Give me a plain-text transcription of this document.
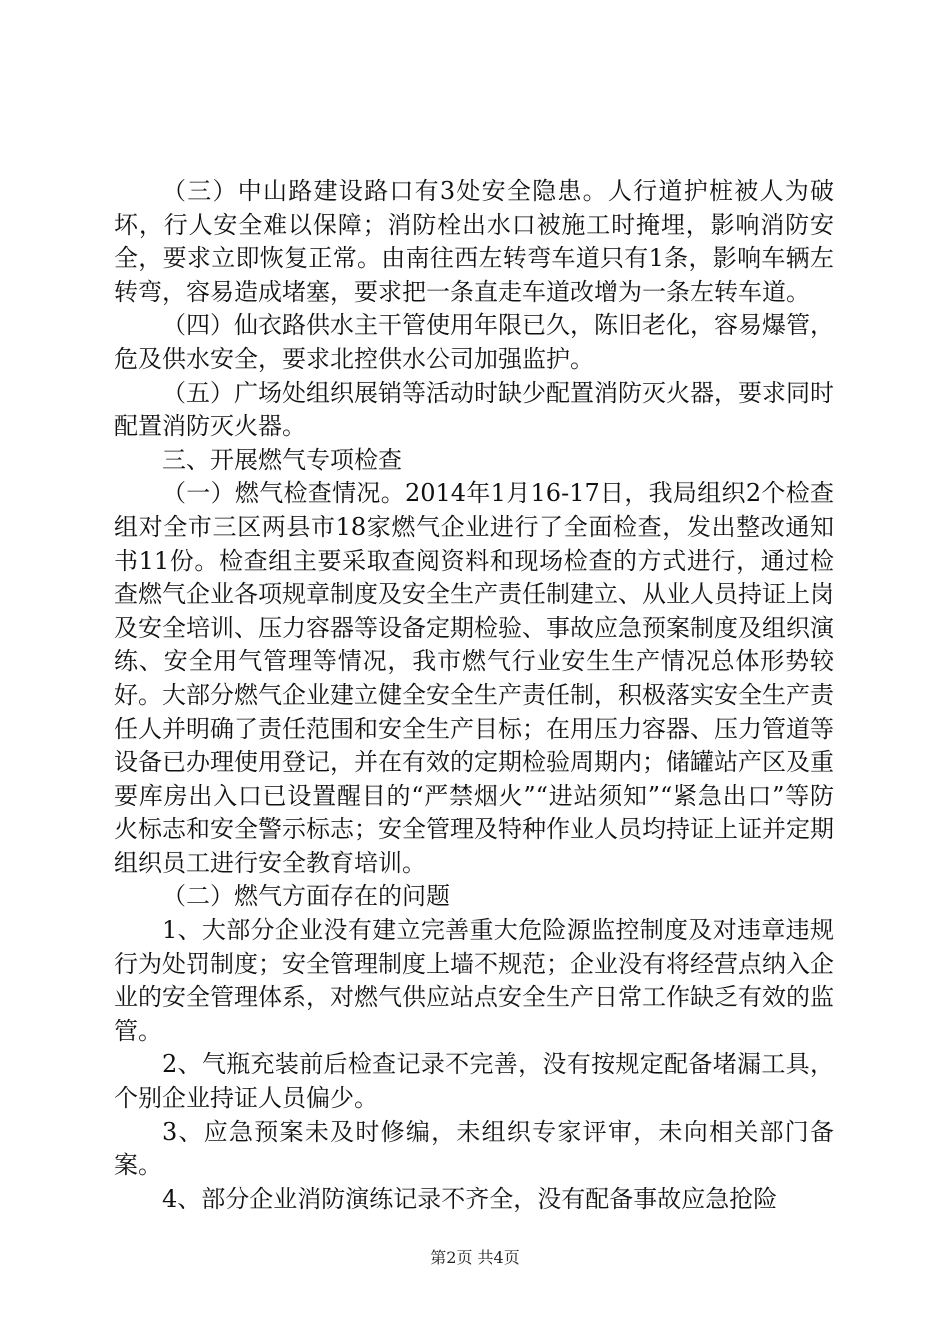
（三）中山路建设路口有3处安全隐患。人行道护桩被人为破坏，行人安全难以保障；消防栓出水口被施工时掩埋，影响消防安全，要求立即恢复正常。由南往西左转弯车道只有1条，影响车辆左转弯，容易造成堵塞，要求把一条直走车道改增为一条左转车道。

（四）仙衣路供水主干管使用年限已久，陈旧老化，容易爆管，危及供水安全，要求北控供水公司加强监护。

（五）广场处组织展销等活动时缺少配置消防灭火器，要求同时配置消防灭火器。

三、开展燃气专项检查

（一）燃气检查情况。2014年1月16-17日，我局组织2个检查组对全市三区两县市18家燃气企业进行了全面检查，发出整改通知书11份。检查组主要采取查阅资料和现场检查的方式进行，通过检查燃气企业各项规章制度及安全生产责任制建立、从业人员持证上岗及安全培训、压力容器等设备定期检验、事故应急预案制度及组织演练、安全用气管理等情况，我市燃气行业安生生产情况总体形势较好。大部分燃气企业建立健全安全生产责任制，积极落实安全生产责任人并明确了责任范围和安全生产目标；在用压力容器、压力管道等设备已办理使用登记，并在有效的定期检验周期内；储罐站产区及重要库房出入口已设置醒目的“严禁烟火”“进站须知”“紧急出口”等防火标志和安全警示标志；安全管理及特种作业人员均持证上证并定期组织员工进行安全教育培训。

（二）燃气方面存在的问题

1、大部分企业没有建立完善重大危险源监控制度及对违章违规行为处罚制度；安全管理制度上墙不规范；企业没有将经营点纳入企业的安全管理体系，对燃气供应站点安全生产日常工作缺乏有效的监管。

2、气瓶充装前后检查记录不完善，没有按规定配备堵漏工具，个别企业持证人员偏少。

3、应急预案未及时修编，未组织专家评审，未向相关部门备案。

4、部分企业消防演练记录不齐全，没有配备事故应急抢险

第2页 共4页
